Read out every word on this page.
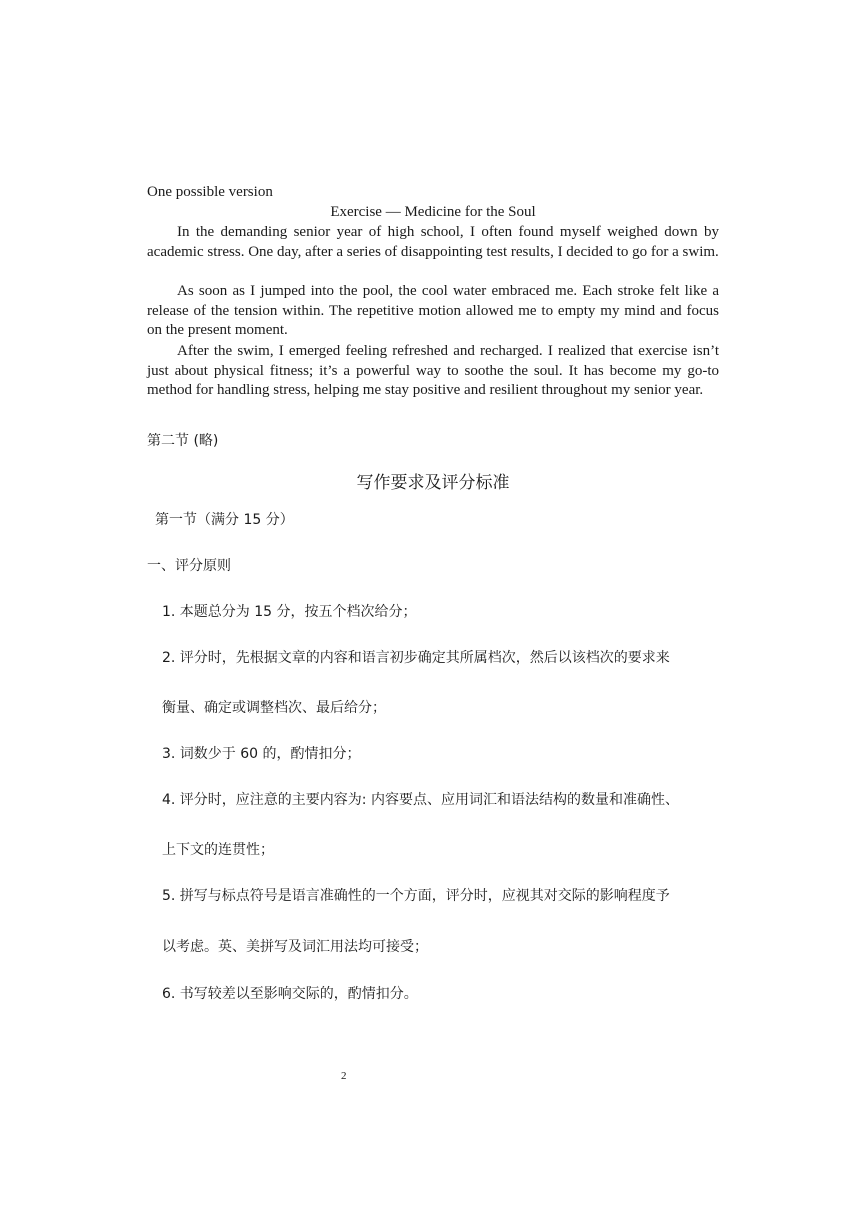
One possible version
Exercise — Medicine for the Soul

In the demanding senior year of high school, I often found myself weighed down by academic stress. One day, after a series of disappointing test results, I decided to go for a swim.

As soon as I jumped into the pool, the cool water embraced me. Each stroke felt like a release of the tension within. The repetitive motion allowed me to empty my mind and focus on the present moment.

After the swim, I emerged feeling refreshed and recharged. I realized that exercise isn’t just about physical fitness; it’s a powerful way to soothe the soul. It has become my go-to method for handling stress, helping me stay positive and resilient throughout my senior year.

第二节 (略)
写作要求及评分标准
第一节（满分 15 分）
一、评分原则
1. 本题总分为 15 分，按五个档次给分；
2. 评分时，先根据文章的内容和语言初步确定其所属档次，然后以该档次的要求来
衡量、确定或调整档次、最后给分；
3. 词数少于 60 的，酌情扣分；
4. 评分时，应注意的主要内容为: 内容要点、应用词汇和语法结构的数量和准确性、
上下文的连贯性；
5. 拼写与标点符号是语言准确性的一个方面，评分时，应视其对交际的影响程度予
以考虑。英、美拼写及词汇用法均可接受；
6. 书写较差以至影响交际的，酌情扣分。
2
